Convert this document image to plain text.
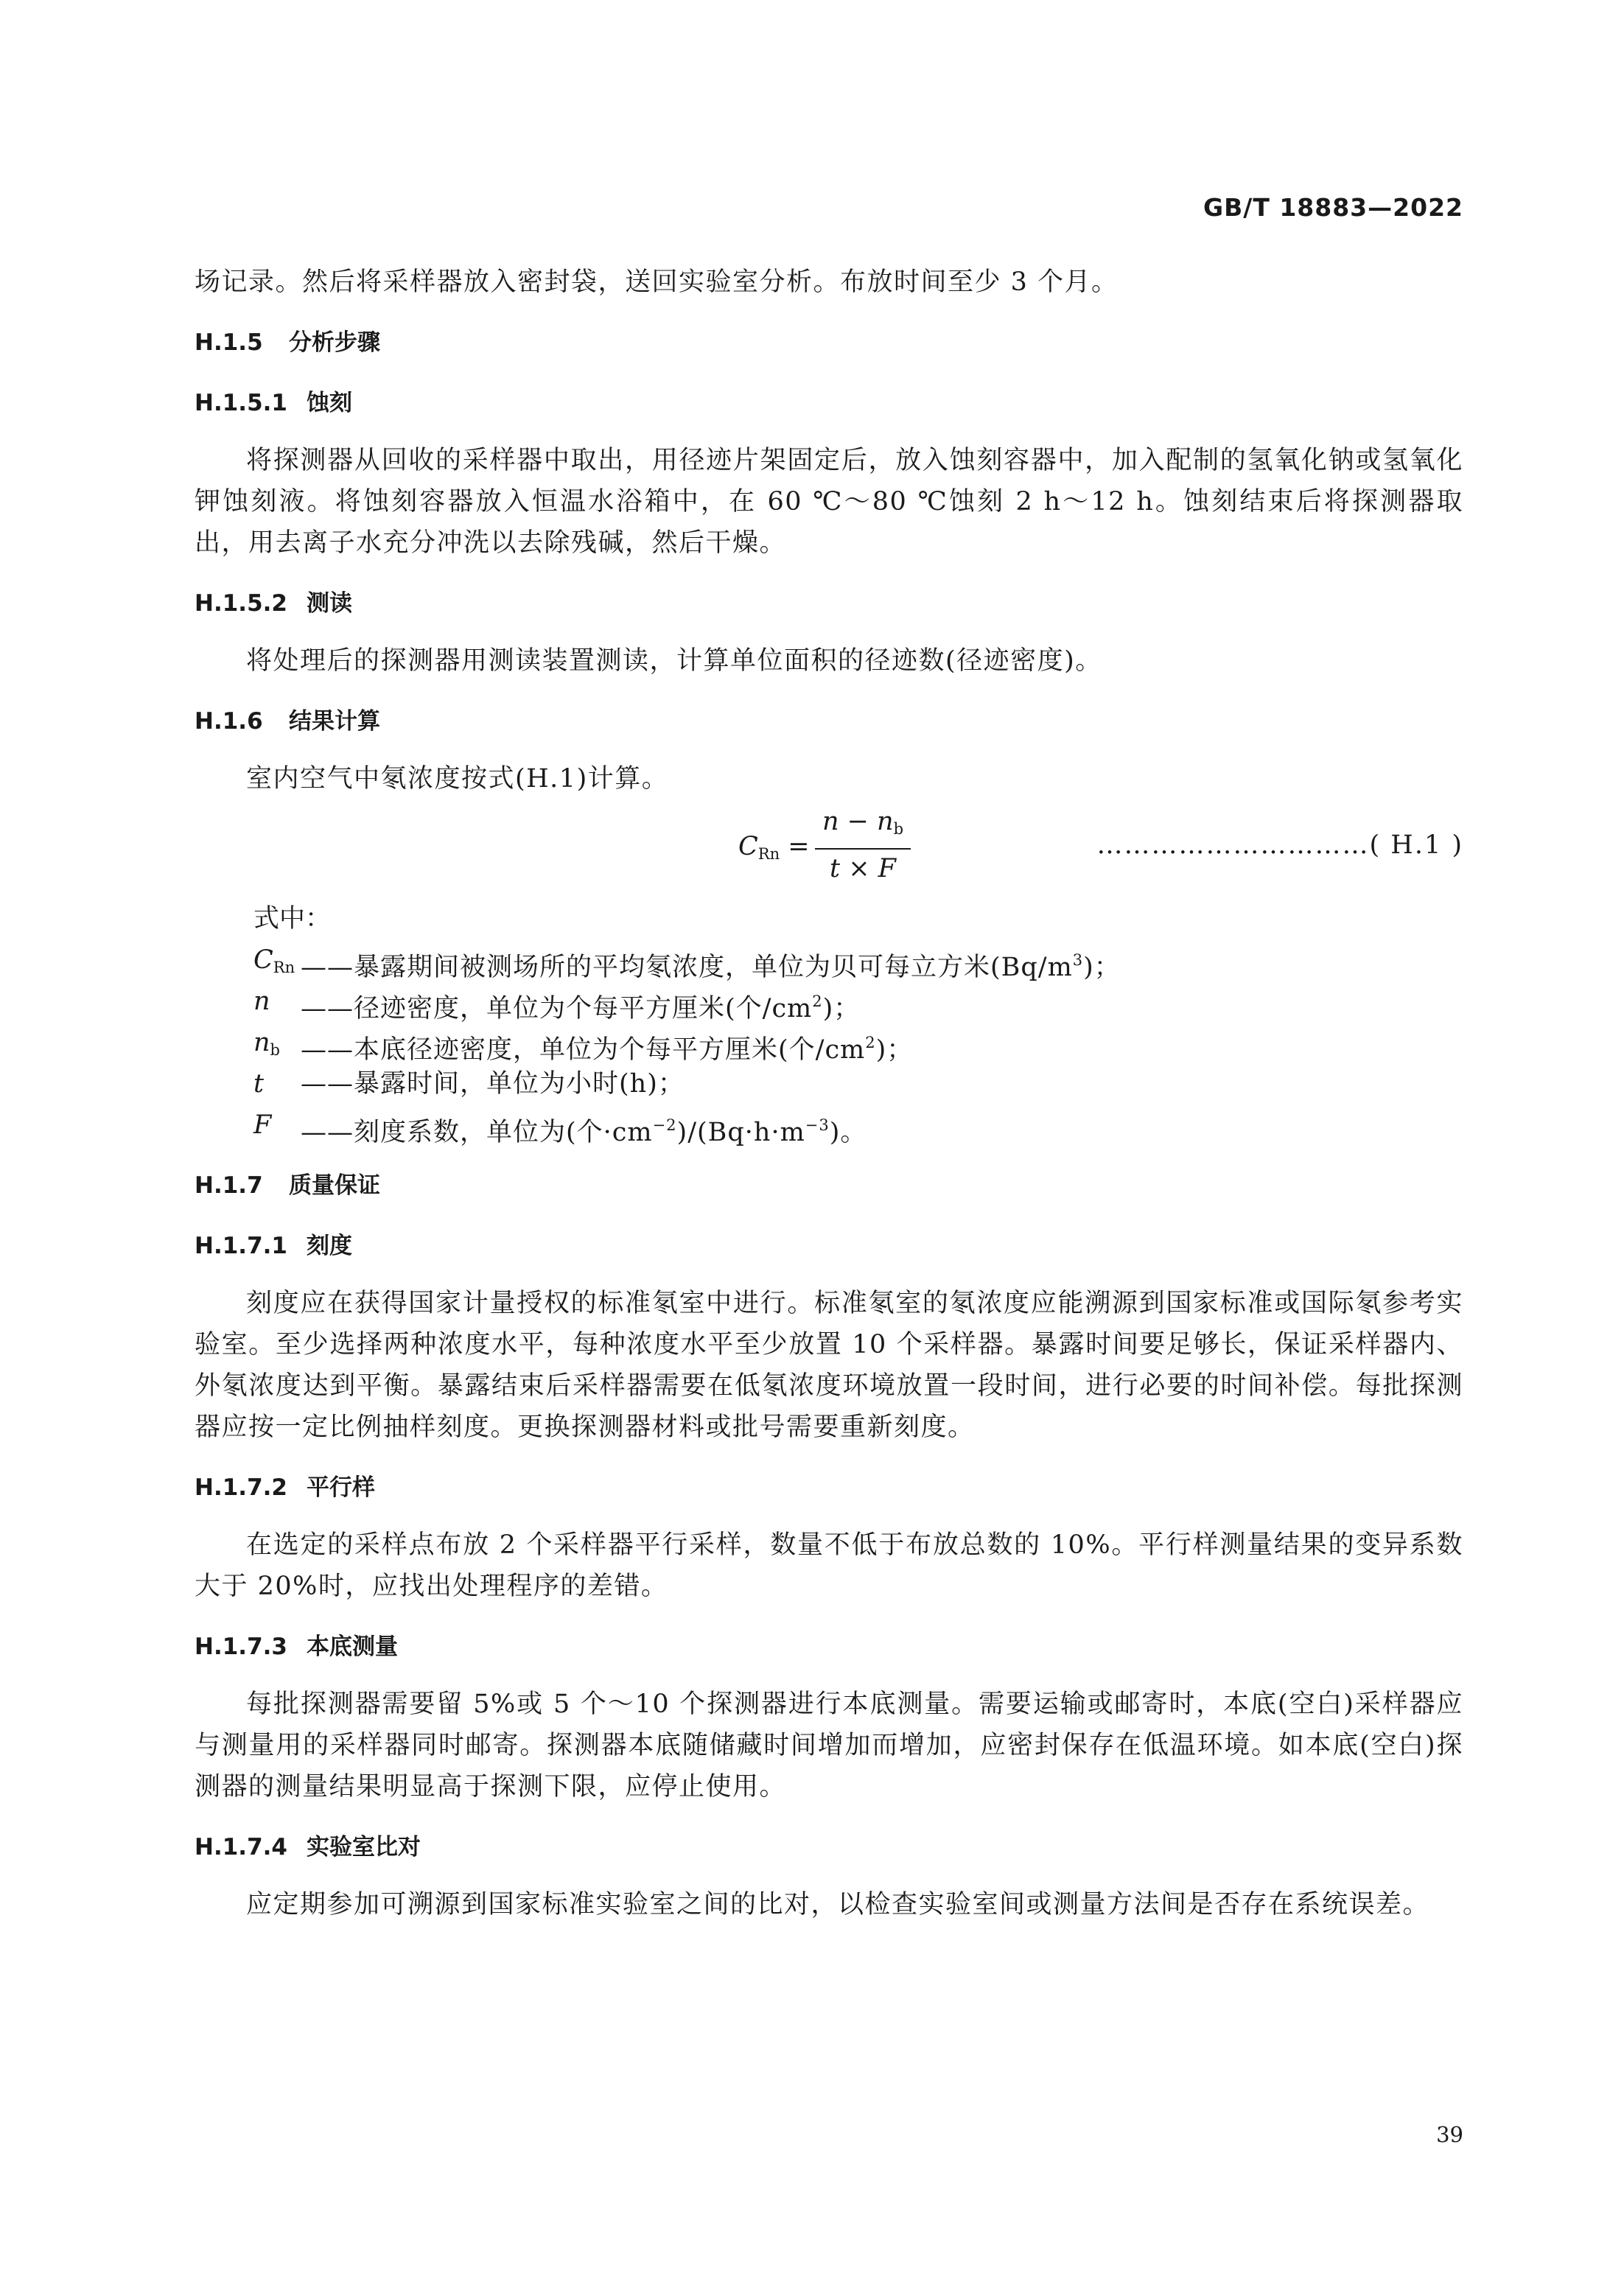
GB/T 18883—2022

场记录。然后将采样器放入密封袋，送回实验室分析。布放时间至少 3 个月。

H.1.5 分析步骤
H.1.5.1 蚀刻

将探测器从回收的采样器中取出，用径迹片架固定后，放入蚀刻容器中，加入配制的氢氧化钠或氢氧化钾蚀刻液。将蚀刻容器放入恒温水浴箱中，在 60 ℃～80 ℃蚀刻 2 h～12 h。蚀刻结束后将探测器取出，用去离子水充分冲洗以去除残碱，然后干燥。

H.1.5.2 测读

将处理后的探测器用测读装置测读，计算单位面积的径迹数(径迹密度)。

H.1.6 结果计算

室内空气中氡浓度按式(H.1)计算。

$C_{Rn} = \frac{n - n_b}{t \times F}$	…………………………( H.1 )

式中：

$C_{Rn}$ ——暴露期间被测场所的平均氡浓度，单位为贝可每立方米$(Bq/m^3)$；
n ——径迹密度，单位为个每平方厘米(个$/cm^2$)；
$n_b$ ——本底径迹密度，单位为个每平方厘米(个$/cm^2$)；
t ——暴露时间，单位为小时(h)；
F ——刻度系数，单位为(个$\cdot cm^{-2})/(Bq\cdot h\cdot m^{-3})$。
H.1.7 质量保证
H.1.7.1 刻度

刻度应在获得国家计量授权的标准氡室中进行。标准氡室的氡浓度应能溯源到国家标准或国际氡参考实验室。至少选择两种浓度水平，每种浓度水平至少放置 10 个采样器。暴露时间要足够长，保证采样器内、外氡浓度达到平衡。暴露结束后采样器需要在低氡浓度环境放置一段时间，进行必要的时间补偿。每批探测器应按一定比例抽样刻度。更换探测器材料或批号需要重新刻度。

H.1.7.2 平行样

在选定的采样点布放 2 个采样器平行采样，数量不低于布放总数的 10%。平行样测量结果的变异系数大于 20%时，应找出处理程序的差错。

H.1.7.3 本底测量

每批探测器需要留 5%或 5 个～10 个探测器进行本底测量。需要运输或邮寄时，本底(空白)采样器应与测量用的采样器同时邮寄。探测器本底随储藏时间增加而增加，应密封保存在低温环境。如本底(空白)探测器的测量结果明显高于探测下限，应停止使用。

H.1.7.4 实验室比对

应定期参加可溯源到国家标准实验室之间的比对，以检查实验室间或测量方法间是否存在系统误差。

39
